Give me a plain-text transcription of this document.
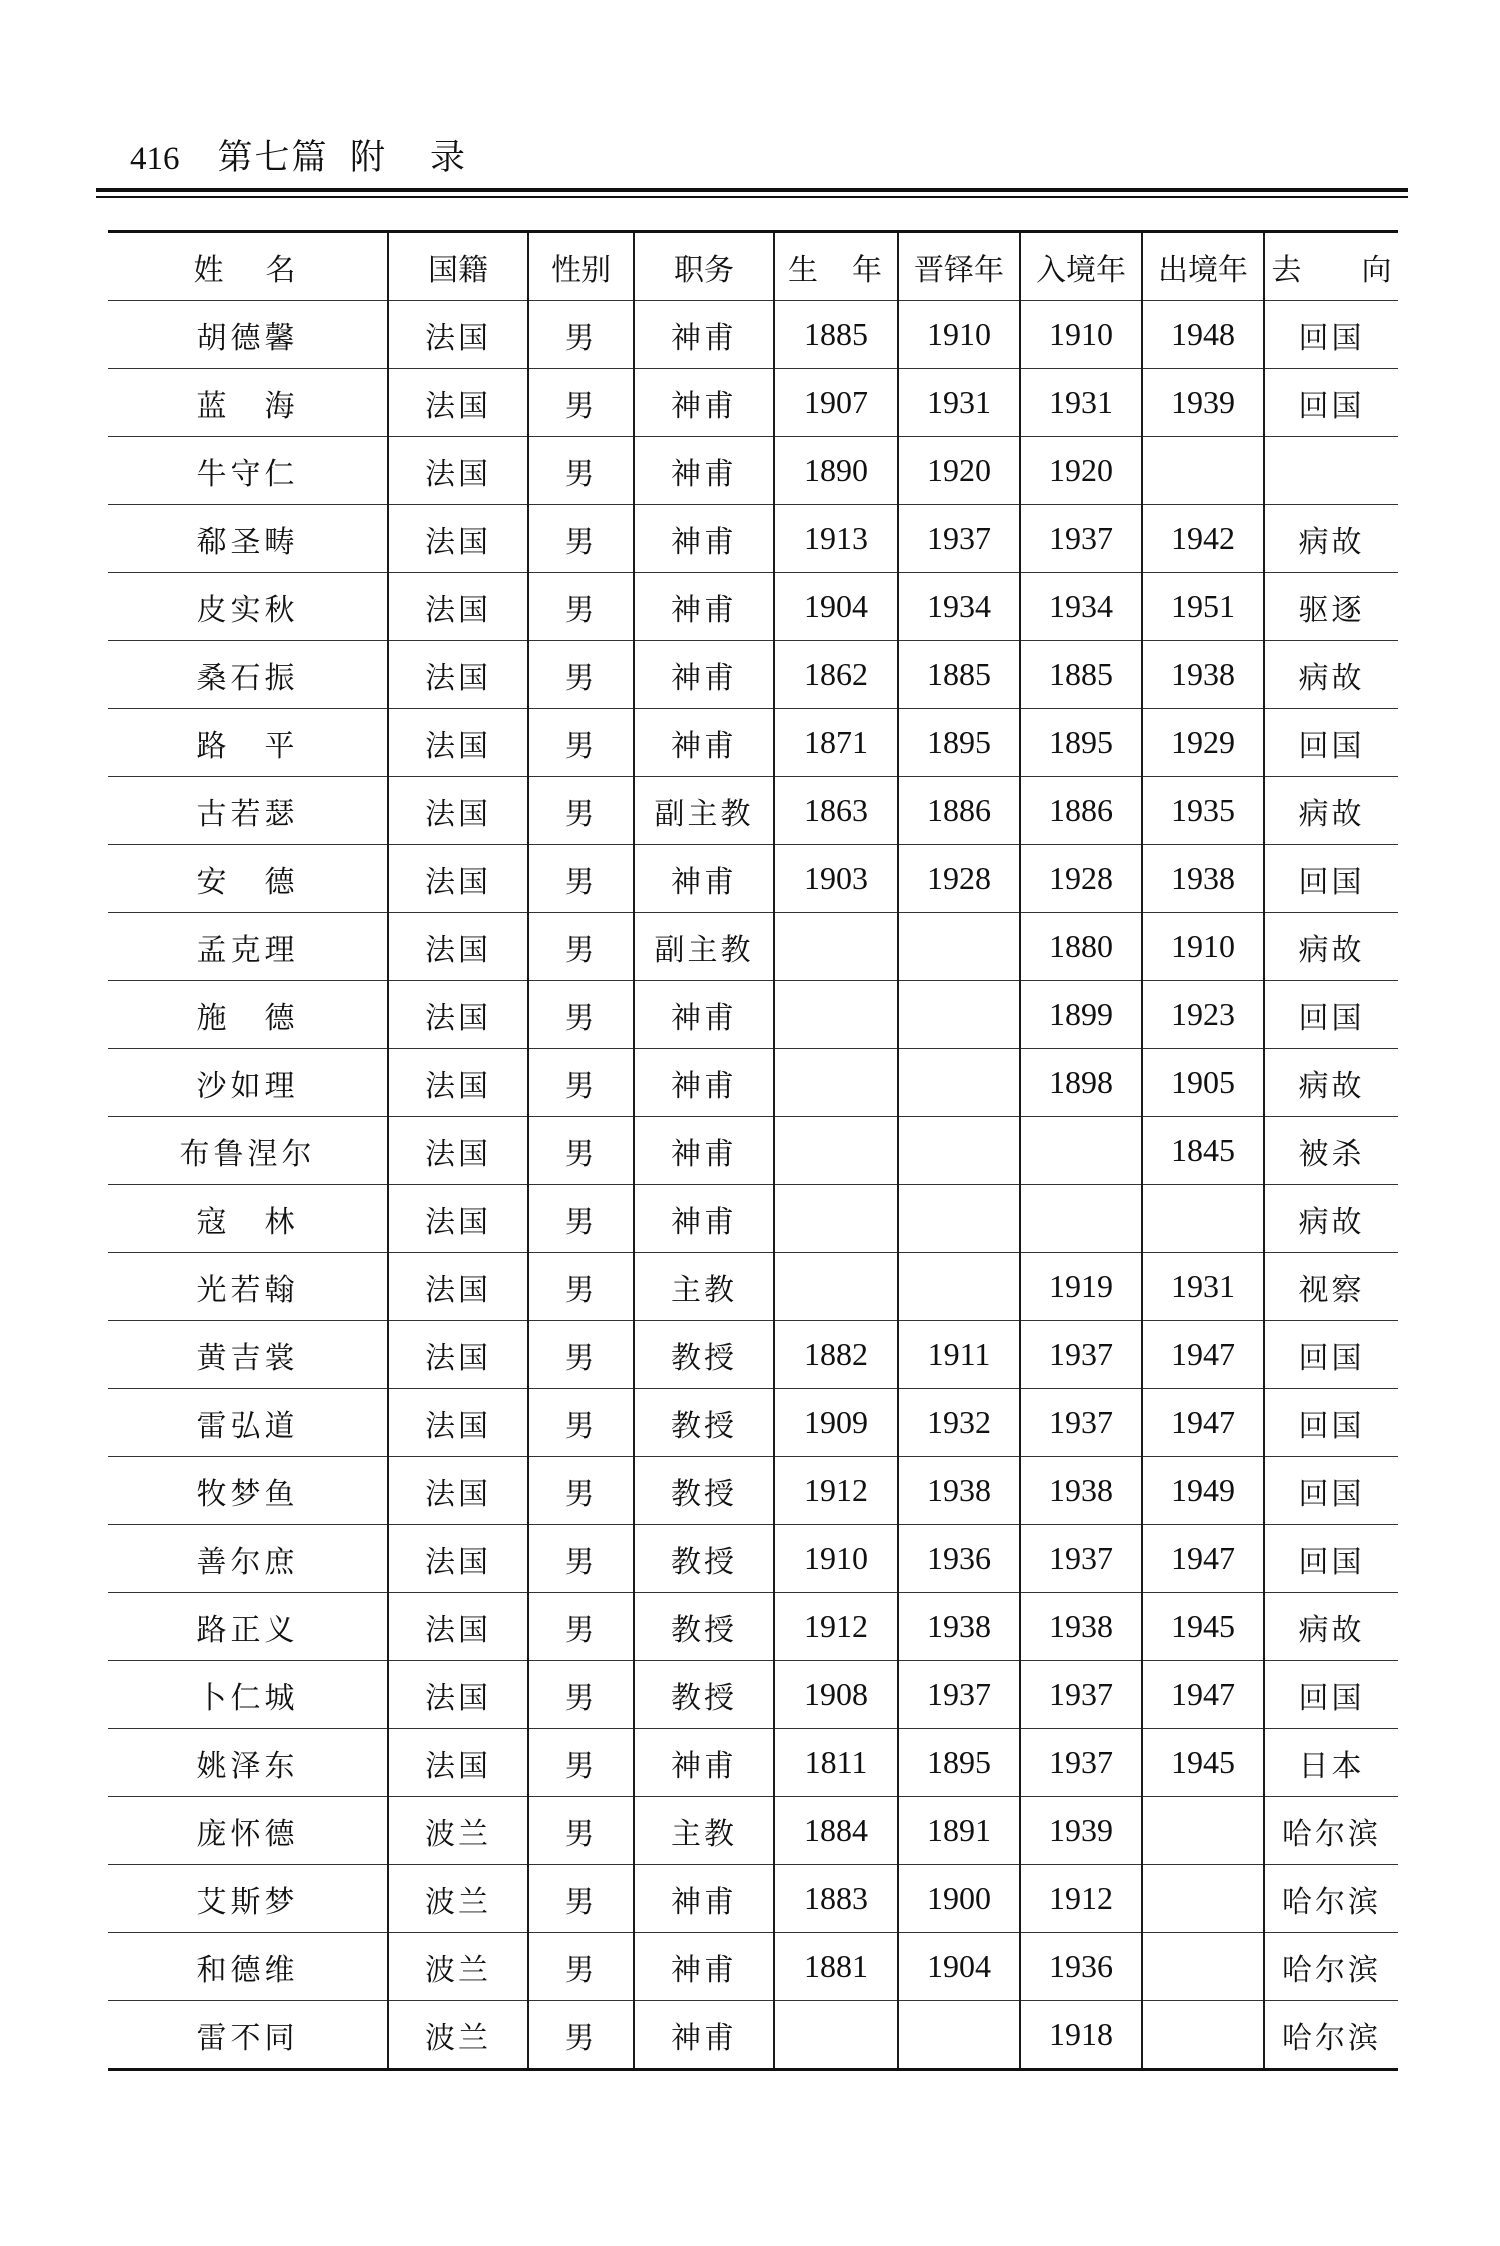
416 第七篇  附    录
姓　名	国籍	性别	职务	生　年	晋铎年	入境年	出境年	去　　向
胡德馨	法国	男	神甫	1885	1910	1910	1948	回国
蓝　海	法国	男	神甫	1907	1931	1931	1939	回国
牛守仁	法国	男	神甫	1890	1920	1920		
郗圣畴	法国	男	神甫	1913	1937	1937	1942	病故
皮实秋	法国	男	神甫	1904	1934	1934	1951	驱逐
桑石振	法国	男	神甫	1862	1885	1885	1938	病故
路　平	法国	男	神甫	1871	1895	1895	1929	回国
古若瑟	法国	男	副主教	1863	1886	1886	1935	病故
安　德	法国	男	神甫	1903	1928	1928	1938	回国
孟克理	法国	男	副主教			1880	1910	病故
施　德	法国	男	神甫			1899	1923	回国
沙如理	法国	男	神甫			1898	1905	病故
布鲁涅尔	法国	男	神甫				1845	被杀
寇　林	法国	男	神甫					病故
光若翰	法国	男	主教			1919	1931	视察
黄吉裳	法国	男	教授	1882	1911	1937	1947	回国
雷弘道	法国	男	教授	1909	1932	1937	1947	回国
牧梦鱼	法国	男	教授	1912	1938	1938	1949	回国
善尔庶	法国	男	教授	1910	1936	1937	1947	回国
路正义	法国	男	教授	1912	1938	1938	1945	病故
卜仁城	法国	男	教授	1908	1937	1937	1947	回国
姚泽东	法国	男	神甫	1811	1895	1937	1945	日本
庞怀德	波兰	男	主教	1884	1891	1939		哈尔滨
艾斯梦	波兰	男	神甫	1883	1900	1912		哈尔滨
和德维	波兰	男	神甫	1881	1904	1936		哈尔滨
雷不同	波兰	男	神甫			1918		哈尔滨
